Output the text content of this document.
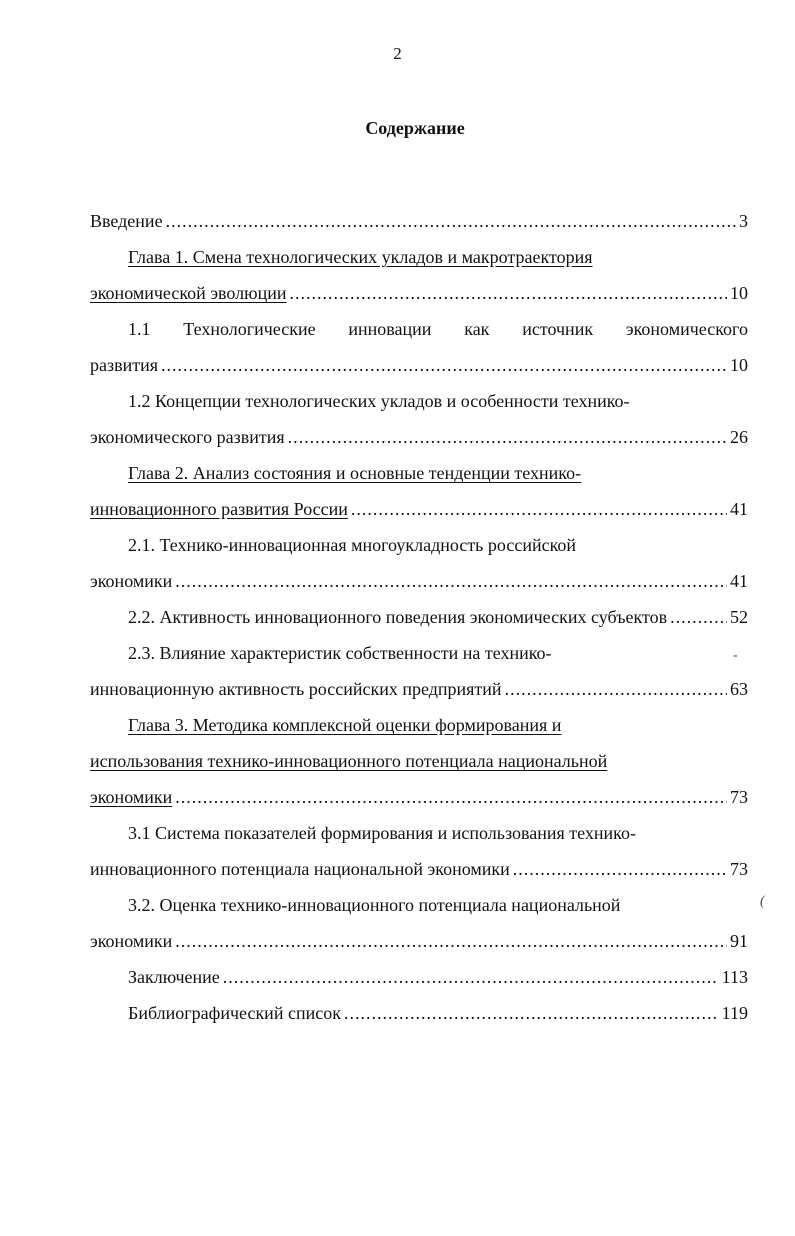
2
Содержание
Введение .....	3
Глава 1. Смена технологических укладов и макротраектория
экономической эволюции .....	10
1.1 Технологические инновации как источник экономического
развития .....	10
1.2 Концепции технологических укладов и особенности технико-
экономического развития .....	26
Глава 2. Анализ состояния и основные тенденции технико-
инновационного развития России .....	41
2.1. Технико-инновационная многоукладность российской
экономики .....	41
2.2. Активность инновационного поведения экономических субъектов .....	52
2.3. Влияние характеристик собственности на технико-
инновационную активность российских предприятий .....	63
Глава 3. Методика комплексной оценки формирования и
использования технико-инновационного потенциала национальной
экономики .....	73
3.1 Система показателей формирования и использования технико-
инновационного потенциала национальной экономики .....	73
3.2. Оценка технико-инновационного потенциала национальной
экономики .....	91
Заключение .....	113
Библиографический список .....	119
-
(
